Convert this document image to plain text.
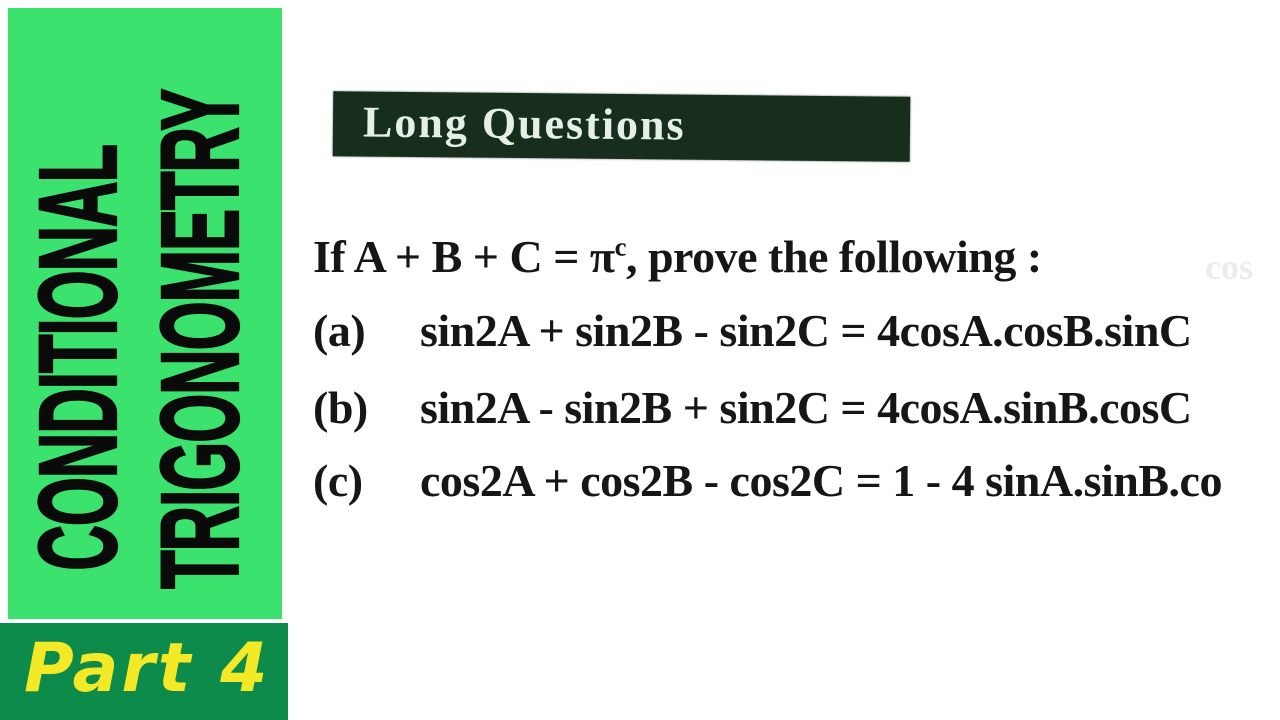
CONDITIONAL
TRIGONOMETRY
Part 4
Long Questions
If $A + B + C = \pi^c$, prove the following :
(a) sin2A + sin2B - sin2C = 4cosA.cosB.sinC
(b) sin2A - sin2B + sin2C = 4cosA.sinB.cosC
(c) cos2A + cos2B - cos2C = 1 - 4 sinA.sinB.co
cos
